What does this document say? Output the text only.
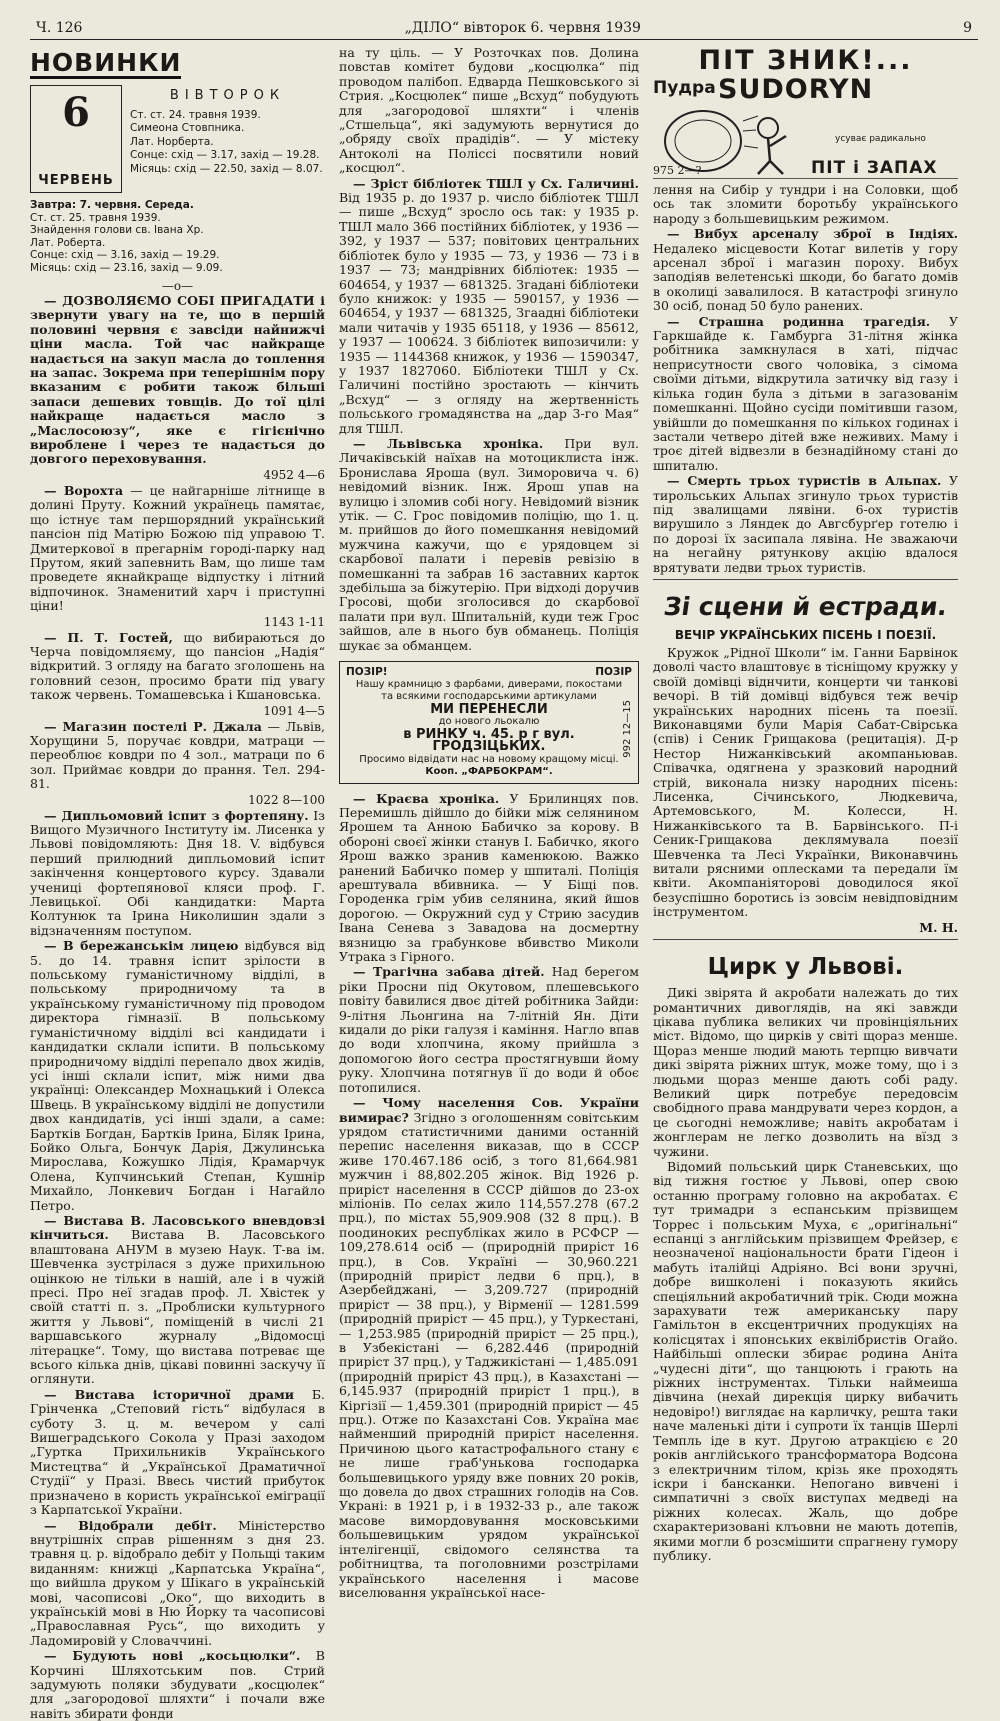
Ч. 126	„ДІЛО“ вівторок 6. червня 1939	9
НОВИНКИ
6
ЧЕРВЕНЬ
ВІВТОРОК
Ст. ст. 24. травня 1939.
Симеона Стовпника.
Лат. Норберта.
Сонце: схід — 3.17, захід — 19.28.
Місяць: схід — 22.50, захід — 8.07.
Завтра: 7. червня. Середа.
Ст. ст. 25. травня 1939.
Знайдення голови св. Івана Хр.
Лат. Роберта.
Сонце: схід — 3.16, захід — 19.29.
Місяць: схід — 23.16, захід — 9.09.
—о—

— ДОЗВОЛЯЄМО СОБІ ПРИГАДАТИ і звернути увагу на те, що в першій половині червня є завсіди найнижчі ціни масла. Той час найкраще надається на закуп масла до топлення на запас. Зокрема при теперішнім пору вказаним є робити також більші запаси дешевих товщів. До тої цілі найкраще надається масло з „Маслосоюзу“, яке є гігієнічно вироблене і через те надається до довгого переховування.

4952 4—6

— Ворохта — це найгарніше літнище в долині Пруту. Кожний українець памятає, що істнує там першорядний український пансіон під Матірю Божою під управою Т. Дмитеркової в прегарнім городі-парку над Прутом, який запевнить Вам, що лише там проведете якнайкраще відпустку і літний відпочинок. Знаменитий харч і приступні ціни!

1143 1-11

— П. Т. Гостей, що вибираються до Черча повідомляєму, що пансіон „Надія“ відкритий. З огляду на багато зголошень на головний сезон, просимо брати під увагу також червень. Томашевська і Кшановська.

1091 4—5

— Магазин постелі Р. Джала — Львів, Хорущини 5, поручає ковдри, матраци — переоблює ковдри по 4 зол., матраци по 6 зол. Приймає ковдри до прання. Тел. 294-81.

1022 8—100

— Дипльомовий іспит з фортепяну. Із Вищого Музичного Інституту ім. Лисенка у Львові повідомляють: Дня 18. V. відбувся перший прилюдний дипльомовий іспит закінчення концертового курсу. Здавали учениці фортепянової кляси проф. Г. Левицької. Обі кандидатки: Марта Колтунюк та Ірина Николишин здали з відзначенням поступом.

— В бережанськім лицею відбувся від 5. до 14. травня іспит зрілости в польському гуманістичному відділі, в польському природничому та в українському гуманістичному під проводом директора гімназії. В польському гуманістичному відділі всі кандидати і кандидатки склали іспити. В польському природничому відділі перепало двох жидів, усі інші склали іспит, між ними два українці: Олександер Мохнацький і Олекса Швець. В українському відділі не допустили двох кандидатів, усі інші здали, а саме: Бартків Богдан, Бартків Ірина, Біляк Ірина, Бойко Ольга, Бончук Дарія, Джулинська Мирослава, Кожушко Лідія, Крамарчук Олена, Купчинський Степан, Кушнір Михайло, Лонкевич Богдан і Нагайло Петро.

— Вистава В. Ласовського вневдовзі кінчиться. Вистава В. Ласовського влаштована АНУМ в музею Наук. Т-ва ім. Шевченка зустрілася з дуже прихильною оцінкою не тільки в нашій, але і в чужій пресі. Про неї згадав проф. Л. Хвістек у своїй статті п. з. „Проблиски культурного життя у Львові“, поміщеній в числі 21 варшавського журналу „Відомосці літерацке“. Тому, що вистава потреває ще всього кілька днів, цікаві повинні заскучу її оглянути.

— Вистава історичної драми Б. Грінченка „Степовий гість“ відбулася в суботу 3. ц. м. вечером у салі Вишеградського Сокола у Празі заходом „Гуртка Прихильників Українського Мистецтва“ й „Української Драматичної Студії“ у Празі. Ввесь чистий прибуток призначено в користь української еміграції з Карпатської України.

— Відобрали дебіт. Міністерство внутрішніх справ рішенням з дня 23. травня ц. р. відобрало дебіт у Польщі таким виданням: книжці „Карпатська Україна“, що вийшла друком у Шікаго в українській мові, часописові „Око“, що виходить в українській мові в Ню Йорку та часописові „Православная Русь“, що виходить у Ладомировій у Словаччині.

— Будують нові „косьцюлки“. В Корчині Шляхотським пов. Стрий задумують поляки збудувати „косцюлек“ для „загородової шляхти“ і почали вже навіть збирати фонди

на ту ціль. — У Розточках пов. Долина повстав комітет будови „косцюлка“ під проводом палібоп. Едварда Пешковського зі Стрия. „Косцюлек“ пише „Всхуд“ побудують для „загородової шляхти“ і членів „Стшельца“, які задумують вернутися до „обряду своїх прадідів“. — У містеку Антоколі на Поліссі посвятили новий „косцюл“.

— Зріст бібліотек ТШЛ у Сх. Галичині. Від 1935 р. до 1937 р. число бібліотек ТШЛ — пише „Всхуд“ зросло ось так: у 1935 р. ТШЛ мало 366 постійних бібліотек, у 1936 — 392, у 1937 — 537; повітових центральних бібліотек було у 1935 — 73, у 1936 — 73 і в 1937 — 73; мандрівних бібліотек: 1935 — 604654, у 1937 — 681325. Згадані бібліотеки було книжок: у 1935 — 590157, у 1936 — 604654, у 1937 — 681325, Згаадні бібліотеки мали читачів у 1935 65118, у 1936 — 85612, у 1937 — 100624. З бібліотек випозичили: у 1935 — 1144368 книжок, у 1936 — 1590347, у 1937 1827060. Бібліотеки ТШЛ у Сх. Галичині постійно зростають — кінчить „Всхуд“ — з огляду на жертвенність польського громадянства на „дар 3-го Мая“ для ТШЛ.

— Львівська хроніка. При вул. Личаківській наїхав на мотоциклиста інж. Бронислава Яроша (вул. Зиморовича ч. 6) невідомий візник. Інж. Ярош упав на вулицю і зломив собі ногу. Невідомий візник утік. — С. Грос повідомив поліцію, що 1. ц. м. прийшов до його помешкання невідомий мужчина кажучи, що є урядовцем зі скарбової палати і перевів ревізію в помешканні та забрав 16 заставних карток здебільша за біжутерію. При відході доручив Гросові, щоби зголосився до скарбової палати при вул. Шпитальній, куди теж Грос зайшов, але в нього був обманець. Поліція шукає за обманцем.

ПОЗІР!	ПОЗІР
Нашу крамницю з фарбами, диверами, покостами
та всякими господарськими артикулами
МИ ПЕРЕНЕСЛИ
до нового льокалю
в РИНКУ ч. 45. р г вул. ГРОДЗІЦЬКИХ.
Просимо відвідати нас на новому кращому місці.
Кооп. „ФАРБОКРАМ“.
992 12—15

— Краєва хроніка. У Брилинцях пов. Перемишль дійшло до бійки між селянином Ярошем та Анною Бабичко за корову. В обороні своєї жінки станув І. Бабичко, якого Ярош важко зранив каменюкою. Важко ранений Бабичко помер у шпиталі. Поліція арештувала вбивника. — У Біщі пов. Городенка грім убив селянина, який йшов дорогою. — Окружний суд у Стрию засудив Івана Сенева з Завадова на досмертну вязницю за грабункове вбивство Миколи Утрака з Гірного.

— Трагічна забава дітей. Над берегом ріки Просни під Окутовом, плешевського повіту бавилися двоє дітей робітника Зайди: 9-літня Льонгина на 7-літній Ян. Діти кидали до ріки галузя і каміння. Нагло впав до води хлопчина, якому прийшла з допомогою його сестра простягнувши йому руку. Хлопчина потягнув її до води й обоє потопилися.

— Чому населення Сов. України вимирає? Згідно з оголошенням совітським урядом статистичними даними останній перепис населення виказав, що в СССР живе 170.467.186 осіб, з того 81,664.981 мужчин і 88,802.205 жінок. Від 1926 р. приріст населення в СССР дійшов до 23-ох міліонів. По селах жило 114,557.278 (67.2 прц.), по містах 55,909.908 (32 8 прц.). В поодиноких республіках жило в РСФСР — 109,278.614 осіб — (природній приріст 16 прц.), в Сов. Україні — 30,960.221 (природній приріст ледви 6 прц.), в Азербейджані, — 3,209.727 (природній приріст — 38 прц.), у Вірменії — 1281.599 (природній приріст — 45 прц.), у Туркестані, — 1,253.985 (природній приріст — 25 прц.), в Узбекістані — 6,282.446 (природній приріст 37 прц.), у Таджикістані — 1,485.091 (природній приріст 43 прц.), в Казахстані — 6,145.937 (природній приріст 1 прц.), в Кіргізії — 1,459.301 (природній приріст — 45 прц.). Отже по Казахстані Сов. Україна має найменший природній приріст населення. Причиною цього катастрофального стану є не лише граб'унькова господарка большевицького уряду вже повних 20 років, що довела до двох страшних голодів на Сов. Украні: в 1921 р, і в 1932-33 р., але також масове вимордовування московськими большевицьким урядом української інтелігенції, свідомого селянства та робітництва, та поголовними розстрілами українського населення і масове виселювання української насе-

ПІТ ЗНИК!...
Пудра SUDORYN
усуває радикально
ПІТ і ЗАПАХ
975 2—?

лення на Сибір у тундри і на Соловки, щоб ось так зломити боротьбу українського народу з большевицьким режимом.

— Вибух арсеналу зброї в Індіях. Недалеко місцевости Котаг вилетів у гору арсенал зброї і магазин пороху. Вибух заподіяв велетенські шкоди, бо багато домів в околиці завалилося. В катастрофі згинуло 30 осіб, понад 50 було ранених.

— Страшна родинна трагедія. У Гаркшайде к. Гамбурга 31-літня жінка робітника замкнулася в хаті, підчас неприсутности свого чоловіка, з сімома своїми дітьми, відкрутила затичку від газу і кілька годин була з дітьми в загазованім помешканні. Щойно сусіди помітивши газом, увійшли до помешкання по кількох годинах і застали четверо дітей вже неживих. Маму і троє дітей відвезли в безнадійному стані до шпиталю.

— Смерть трьох туристів в Альпах. У тирольських Альпах згинуло трьох туристів під звалищами лявіни. 6-ох туристів вирушило з Ляндек до Авгсбурґер готелю і по дорозі їх засипала лявіна. Не зважаючи на негайну рятункову акцію вдалося врятувати ледви трьох туристів.

Зі сцени й естради.
ВЕЧІР УКРАЇНСЬКИХ ПІСЕНЬ І ПОЕЗІЇ.

Кружок „Рідної Школи“ ім. Ганни Барвінок доволі часто влаштовує в тісніщому кружку у своїй домівці віднчити, концерти чи танкові вечорі. В тій домівці відбувся теж вечір українських народних пісень та поезії. Виконавцями були Марія Сабат-Свірська (спів) і Сеник Грищакова (рецитація). Д-р Нестор Нижанківський акомпаньював. Співачка, одягнена у зразковий народний стрій, виконала низку народних пісень: Лисенка, Січинського, Людкевича, Артемовського, М. Колесси, Н. Нижанківського та В. Барвінського. П-і Сеник-Грищакова деклямувала поезії Шевченка та Лесі Українки, Виконавчинь витали рясними оплесками та передали їм квіти. Акомпаніяторові доводилося якої безуспішно боротись із зовсім невідповідним інструментом.

М. Н.

Цирк у Львові.

Дикі звірята й акробати належать до тих романтичних дивоглядів, на які завжди цікава публика великих чи провінціяльних міст. Відомо, що цирків у світі щораз менше. Щораз менше людий мають терпцю вивчати дикі звірята ріжних штук, може тому, що і з людьми щораз менше дають собі раду. Великий цирк потребує передовсім свобідного права мандрувати через кордон, а це сьогодні неможливе; навіть акробатам і жонглерам не легко дозволить на вїзд з чужини.

Відомий польський цирк Станевських, що від тижня гостює у Львові, опер свою останню програму головно на акробатах. Є тут тримадри з еспанським прізвищем Торрес і польським Муха, є „оригінальні“ еспанці з англійським прізвищем Фрейзер, є неозначеної національности брати Гідеон і мабуть італійці Адріяно. Всі вони зручні, добре вишколені і показують якийсь спеціяльний акробатичний трік. Сюди можна зарахувати теж американську пару Гамільтон в ексцентричних продукціях на колісцятах і японських еквілібристів Огайо. Найбільші оплески збирає родина Аніта „чудесні діти“, що танцюють і грають на ріжних інструментах. Тільки наймеиша дівчина (нехай дирекція цирку вибачить недовіро!) виглядає на карличку, решта таки наче маленькі діти і супроти їх танців Шерлі Темпль іде в кут. Другою атракцією є 20 років англійського трансформатора Водсона з електричним тілом, крізь яке проходять іскри і бансканки. Непогано вивчені і симпатичні з своїх виступах медведі на ріжних колесах. Жаль, що добре схарактеризовані клъовни не мають дотепів, якими могли б розсмішити спрагнену гумору публику.
